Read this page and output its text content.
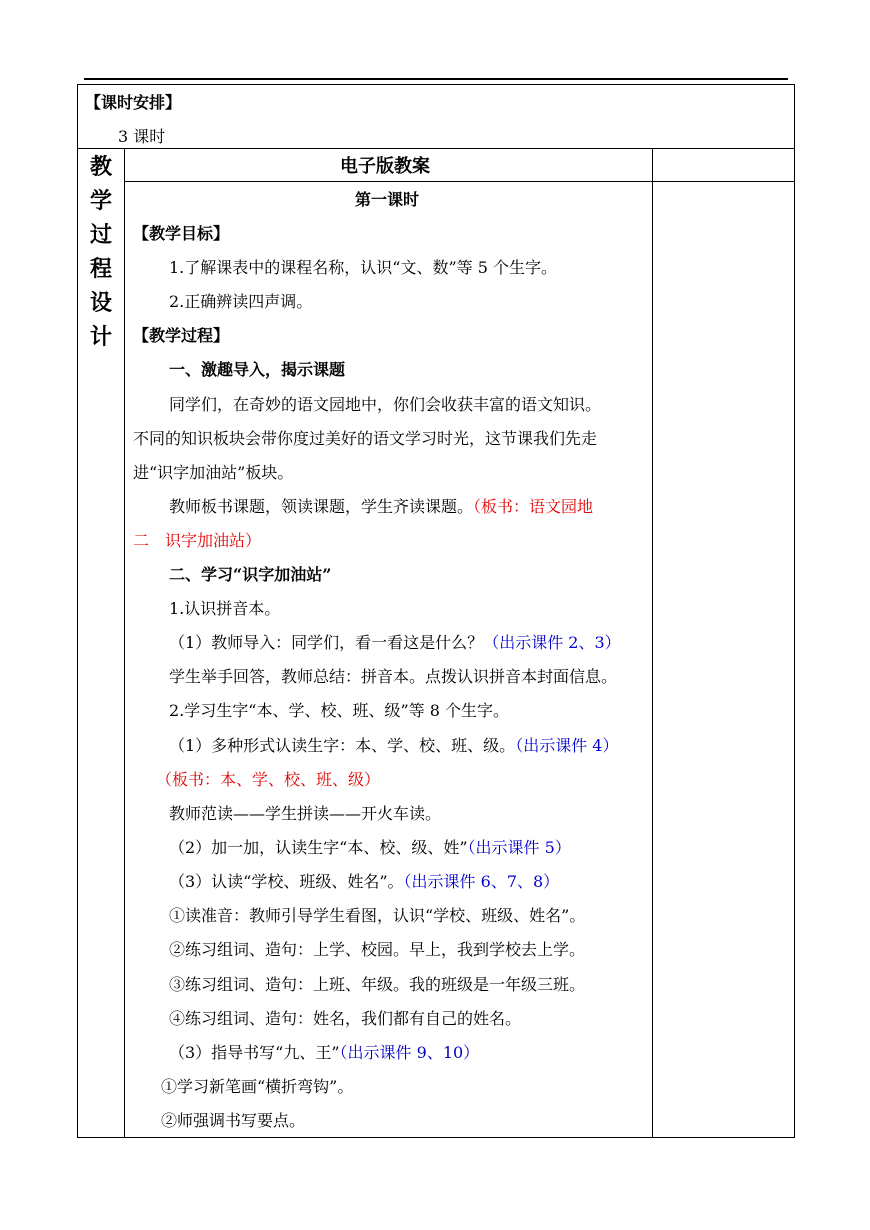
【课时安排】
3 课时
教
学
过
程
设
计
电子版教案
第一课时
【教学目标】
1.了解课表中的课程名称，认识“文、数”等 5 个生字。
2.正确辨读四声调。
【教学过程】
一、激趣导入，揭示课题
同学们，在奇妙的语文园地中，你们会收获丰富的语文知识。
不同的知识板块会带你度过美好的语文学习时光，这节课我们先走
进“识字加油站”板块。
教师板书课题，领读课题，学生齐读课题。（板书：语文园地
二　识字加油站）
二、学习“识字加油站”
1.认识拼音本。
（1）教师导入：同学们，看一看这是什么？（出示课件 2、3）
学生举手回答，教师总结：拼音本。点拨认识拼音本封面信息。
2.学习生字“本、学、校、班、级”等 8 个生字。
（1）多种形式认读生字：本、学、校、班、级。（出示课件 4）
（板书：本、学、校、班、级）
教师范读——学生拼读——开火车读。
（2）加一加，认读生字“本、校、级、姓”（出示课件 5）
（3）认读“学校、班级、姓名”。（出示课件 6、7、8）
①读准音：教师引导学生看图，认识“学校、班级、姓名”。
②练习组词、造句：上学、校园。早上，我到学校去上学。
③练习组词、造句：上班、年级。我的班级是一年级三班。
④练习组词、造句：姓名，我们都有自己的姓名。
（3）指导书写“九、王”（出示课件 9、10）
①学习新笔画“横折弯钩”。
②师强调书写要点。
